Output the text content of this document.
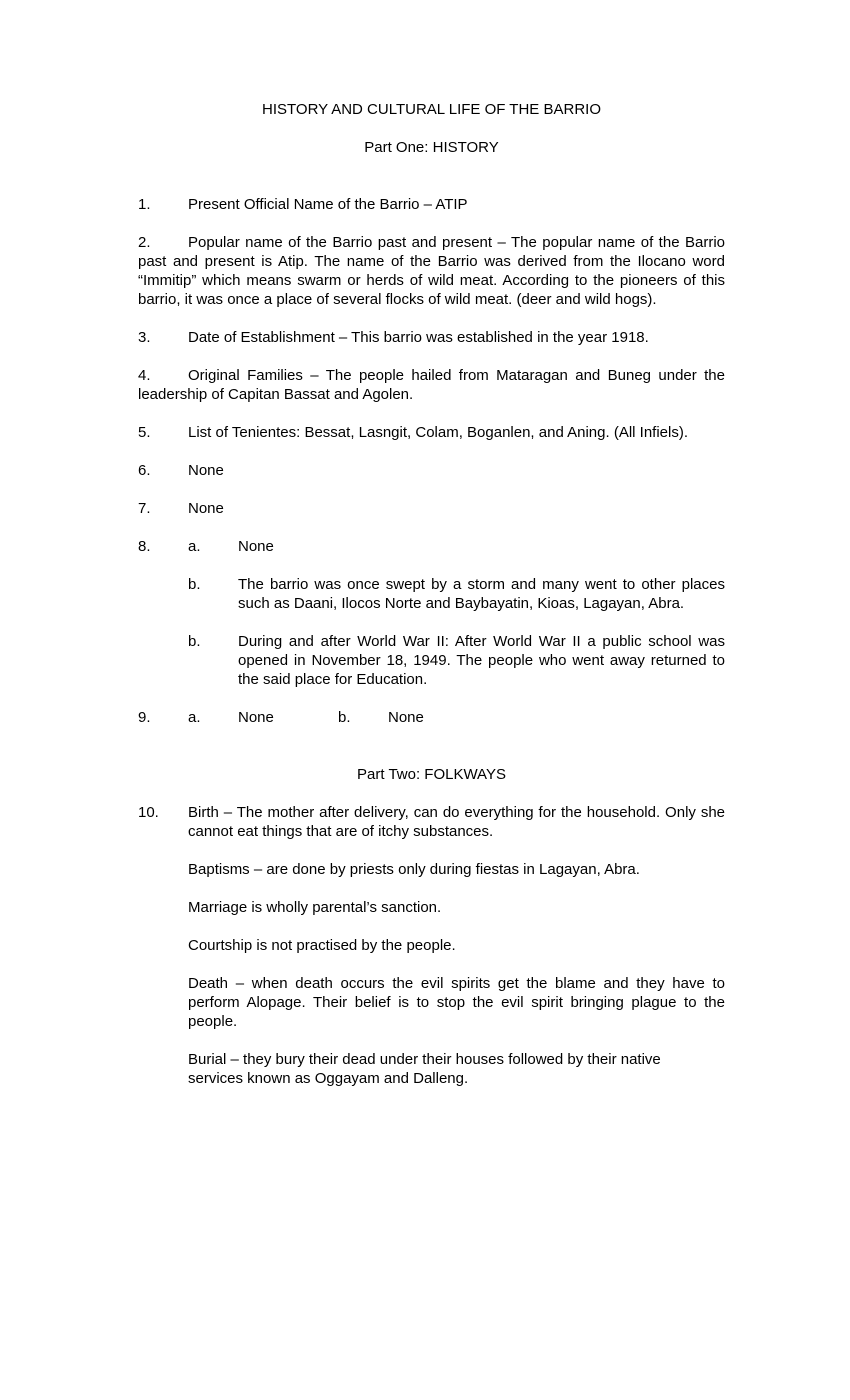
HISTORY AND CULTURAL LIFE OF THE BARRIO
Part One: HISTORY
1.	Present Official Name of the Barrio – ATIP

2. Popular name of the Barrio past and present – The popular name of the Barrio past and present is Atip. The name of the Barrio was derived from the Ilocano word “Immitip” which means swarm or herds of wild meat. According to the pioneers of this barrio, it was once a place of several flocks of wild meat. (deer and wild hogs).

3.	Date of Establishment – This barrio was established in the year 1918.

4. Original Families – The people hailed from Mataragan and Buneg under the leadership of Capitan Bassat and Agolen.

5. List of Tenientes: Bessat, Lasngit, Colam, Boganlen, and Aning. (All Infiels).

6.	None
7.	None
8.	a.	None
b.	The barrio was once swept by a storm and many went to other places such as Daani, Ilocos Norte and Baybayatin, Kioas, Lagayan, Abra.
b.	During and after World War II: After World War II a public school was opened in November 18, 1949. The people who went away returned to the said place for Education.
9.	a.	None	b.	None
Part Two: FOLKWAYS
10.	Birth – The mother after delivery, can do everything for the household. Only she cannot eat things that are of itchy substances.

Baptisms – are done by priests only during fiestas in Lagayan, Abra.

Marriage is wholly parental’s sanction.

Courtship is not practised by the people.

Death – when death occurs the evil spirits get the blame and they have to perform Alopage. Their belief is to stop the evil spirit bringing plague to the people.

Burial – they bury their dead under their houses followed by their native services known as Oggayam and Dalleng.
